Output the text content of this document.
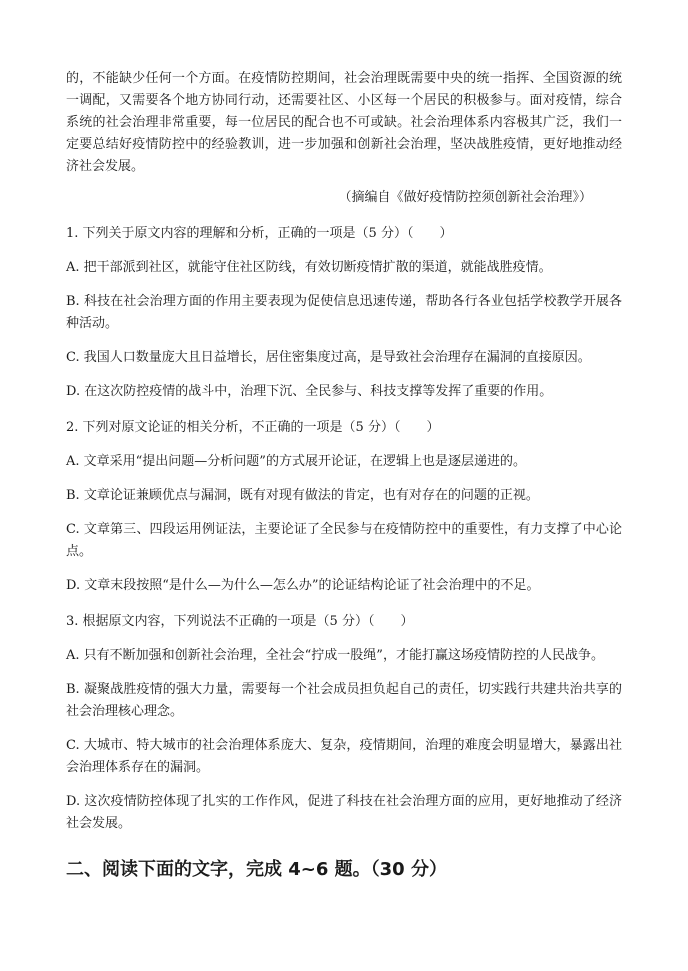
的，不能缺少任何一个方面。在疫情防控期间，社会治理既需要中央的统一指挥、全国资源的统一调配，又需要各个地方协同行动，还需要社区、小区每一个居民的积极参与。面对疫情，综合系统的社会治理非常重要，每一位居民的配合也不可或缺。社会治理体系内容极其广泛，我们一定要总结好疫情防控中的经验教训，进一步加强和创新社会治理，坚决战胜疫情，更好地推动经济社会发展。

（摘编自《做好疫情防控须创新社会治理》）

1. 下列关于原文内容的理解和分析，正确的一项是（5 分）（　　）

A. 把干部派到社区，就能守住社区防线，有效切断疫情扩散的渠道，就能战胜疫情。

B. 科技在社会治理方面的作用主要表现为促使信息迅速传递，帮助各行各业包括学校教学开展各种活动。

C. 我国人口数量庞大且日益增长，居住密集度过高，是导致社会治理存在漏洞的直接原因。

D. 在这次防控疫情的战斗中，治理下沉、全民参与、科技支撑等发挥了重要的作用。

2. 下列对原文论证的相关分析，不正确的一项是（5 分）（　　）

A. 文章采用“提出问题—分析问题”的方式展开论证，在逻辑上也是逐层递进的。

B. 文章论证兼顾优点与漏洞，既有对现有做法的肯定，也有对存在的问题的正视。

C. 文章第三、四段运用例证法，主要论证了全民参与在疫情防控中的重要性，有力支撑了中心论点。

D. 文章末段按照“是什么—为什么—怎么办”的论证结构论证了社会治理中的不足。

3. 根据原文内容，下列说法不正确的一项是（5 分）（　　）

A. 只有不断加强和创新社会治理，全社会“拧成一股绳”，才能打赢这场疫情防控的人民战争。

B. 凝聚战胜疫情的强大力量，需要每一个社会成员担负起自己的责任，切实践行共建共治共享的社会治理核心理念。

C. 大城市、特大城市的社会治理体系庞大、复杂，疫情期间，治理的难度会明显增大，暴露出社会治理体系存在的漏洞。

D. 这次疫情防控体现了扎实的工作作风，促进了科技在社会治理方面的应用，更好地推动了经济社会发展。

二、阅读下面的文字，完成 4~6 题。（30 分）
